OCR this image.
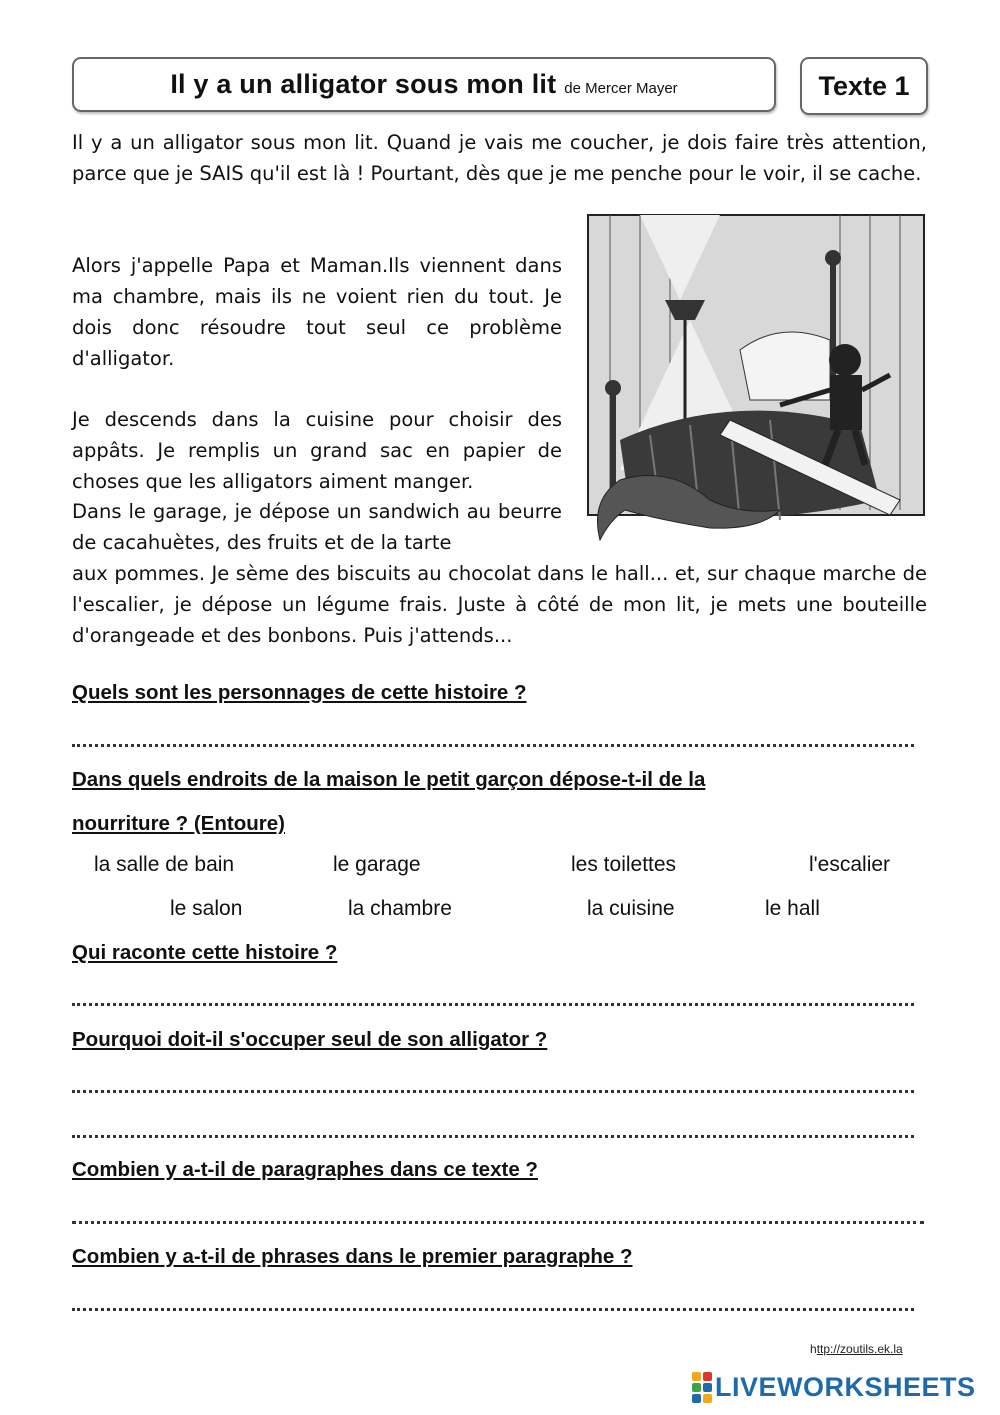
Il y a un alligator sous mon lit de Mercer Mayer	Texte 1

Il y a un alligator sous mon lit. Quand je vais me coucher, je dois faire très attention, parce que je SAIS qu'il est là ! Pourtant, dès que je me penche pour le voir, il se cache.

Alors j'appelle Papa et Maman.Ils viennent dans ma chambre, mais ils ne voient rien du tout. Je dois donc résoudre tout seul ce problème d'alligator.

Je descends dans la cuisine pour choisir des appâts. Je remplis un grand sac en papier de choses que les alligators aiment manger.

Dans le garage, je dépose un sandwich au beurre de cacahuètes, des fruits et de la tarte

aux pommes. Je sème des biscuits au chocolat dans le hall... et, sur chaque marche de l'escalier, je dépose un légume frais. Juste à côté de mon lit, je mets une bouteille d'orangeade et des bonbons. Puis j'attends...

Quels sont les personnages de cette histoire ?

Dans quels endroits de la maison le petit garçon dépose-t-il de la

nourriture ? (Entoure)

la salle de bain	le garage	les toilettes	l'escalier
le salon	la chambre	la cuisine	le hall

Qui raconte cette histoire ?

Pourquoi doit-il s'occuper seul de son alligator ?

Combien y a-t-il de paragraphes dans ce texte ?

Combien y a-t-il de phrases dans le premier paragraphe ?

http://zoutils.ek.la
LIVEWORKSHEETS
